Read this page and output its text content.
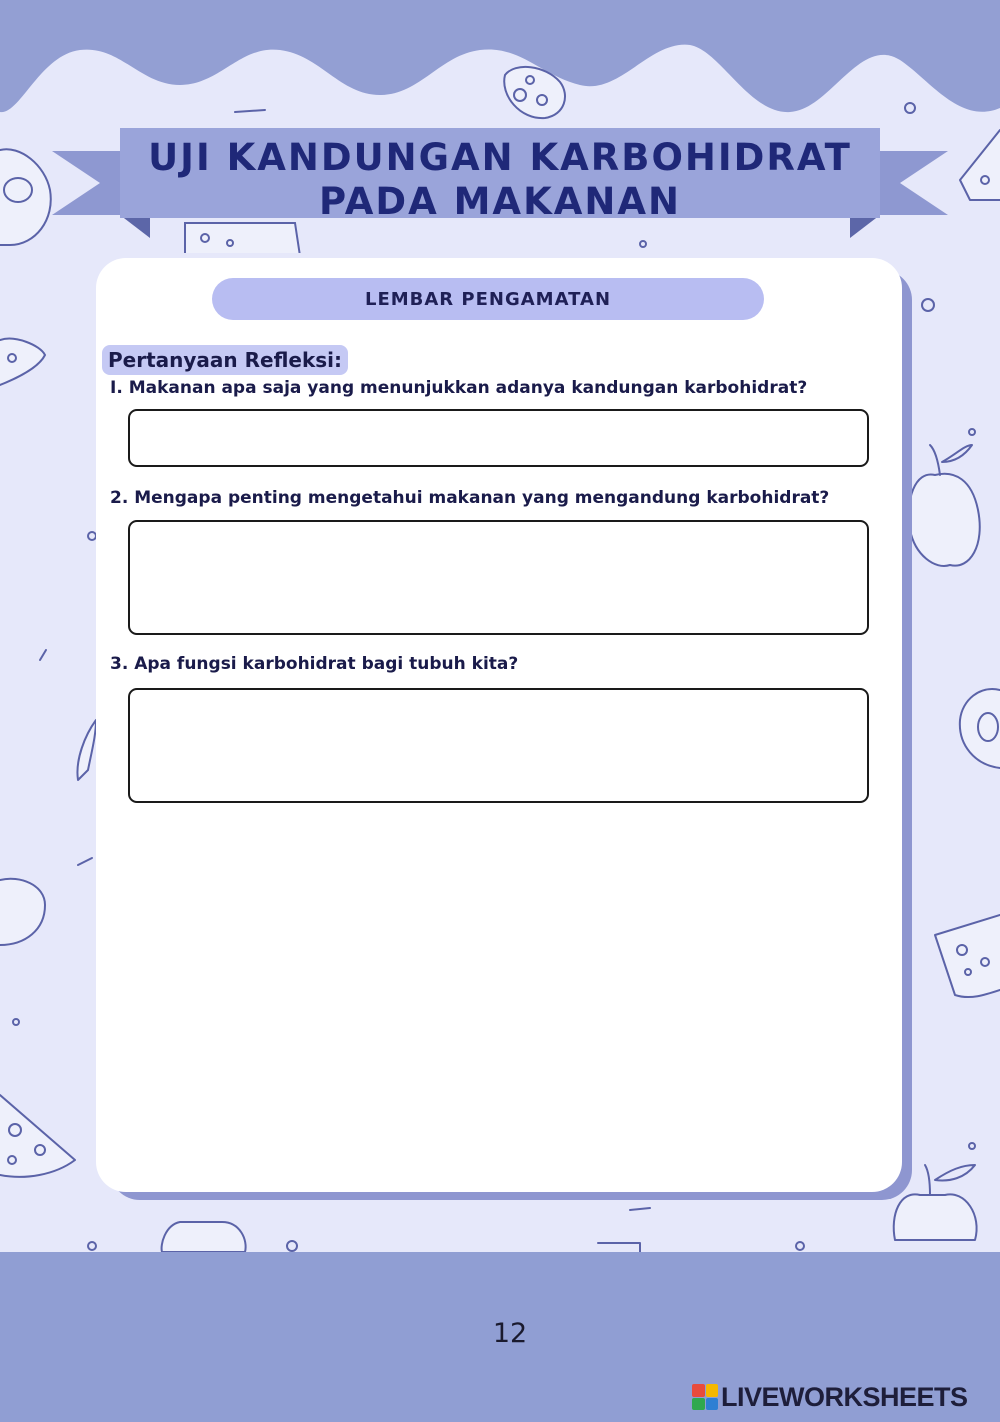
UJI KANDUNGAN KARBOHIDRAT
PADA MAKANAN
LEMBAR PENGAMATAN
Pertanyaan Refleksi:
I. Makanan apa saja yang menunjukkan adanya kandungan karbohidrat?
2. Mengapa penting mengetahui makanan yang mengandung karbohidrat?
3. Apa fungsi karbohidrat bagi tubuh kita?
12
LIVEWORKSHEETS
